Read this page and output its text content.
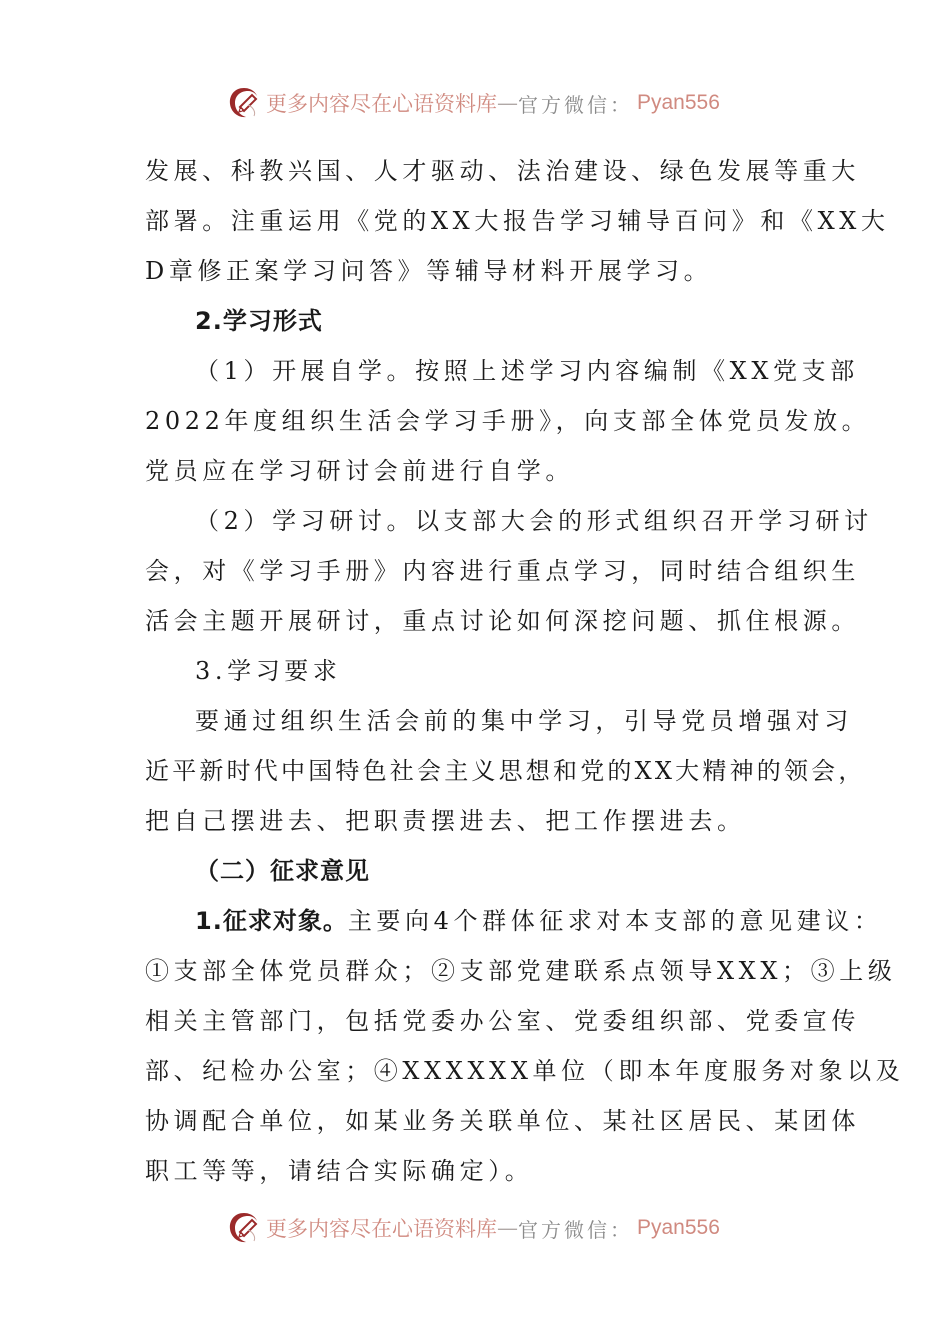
更多内容尽在心语资料库 — 官方微信： Pyan556
发展、科教兴国、人才驱动、法治建设、绿色发展等重大
部署。注重运用《党的XX大报告学习辅导百问》和《XX大
D章修正案学习问答》等辅导材料开展学习。
2.学习形式
（1）开展自学。按照上述学习内容编制《XX党支部
2022年度组织生活会学习手册》，向支部全体党员发放。
党员应在学习研讨会前进行自学。
（2）学习研讨。以支部大会的形式组织召开学习研讨
会，对《学习手册》内容进行重点学习，同时结合组织生
活会主题开展研讨，重点讨论如何深挖问题、抓住根源。
3.学习要求
要通过组织生活会前的集中学习，引导党员增强对习
近平新时代中国特色社会主义思想和党的XX大精神的领会，
把自己摆进去、把职责摆进去、把工作摆进去。
（二）征求意见
1.征求对象。主要向4个群体征求对本支部的意见建议：
①支部全体党员群众；②支部党建联系点领导XXX；③上级
相关主管部门，包括党委办公室、党委组织部、党委宣传
部、纪检办公室；④XXXXXX单位（即本年度服务对象以及
协调配合单位，如某业务关联单位、某社区居民、某团体
职工等等，请结合实际确定）。
更多内容尽在心语资料库 — 官方微信： Pyan556
